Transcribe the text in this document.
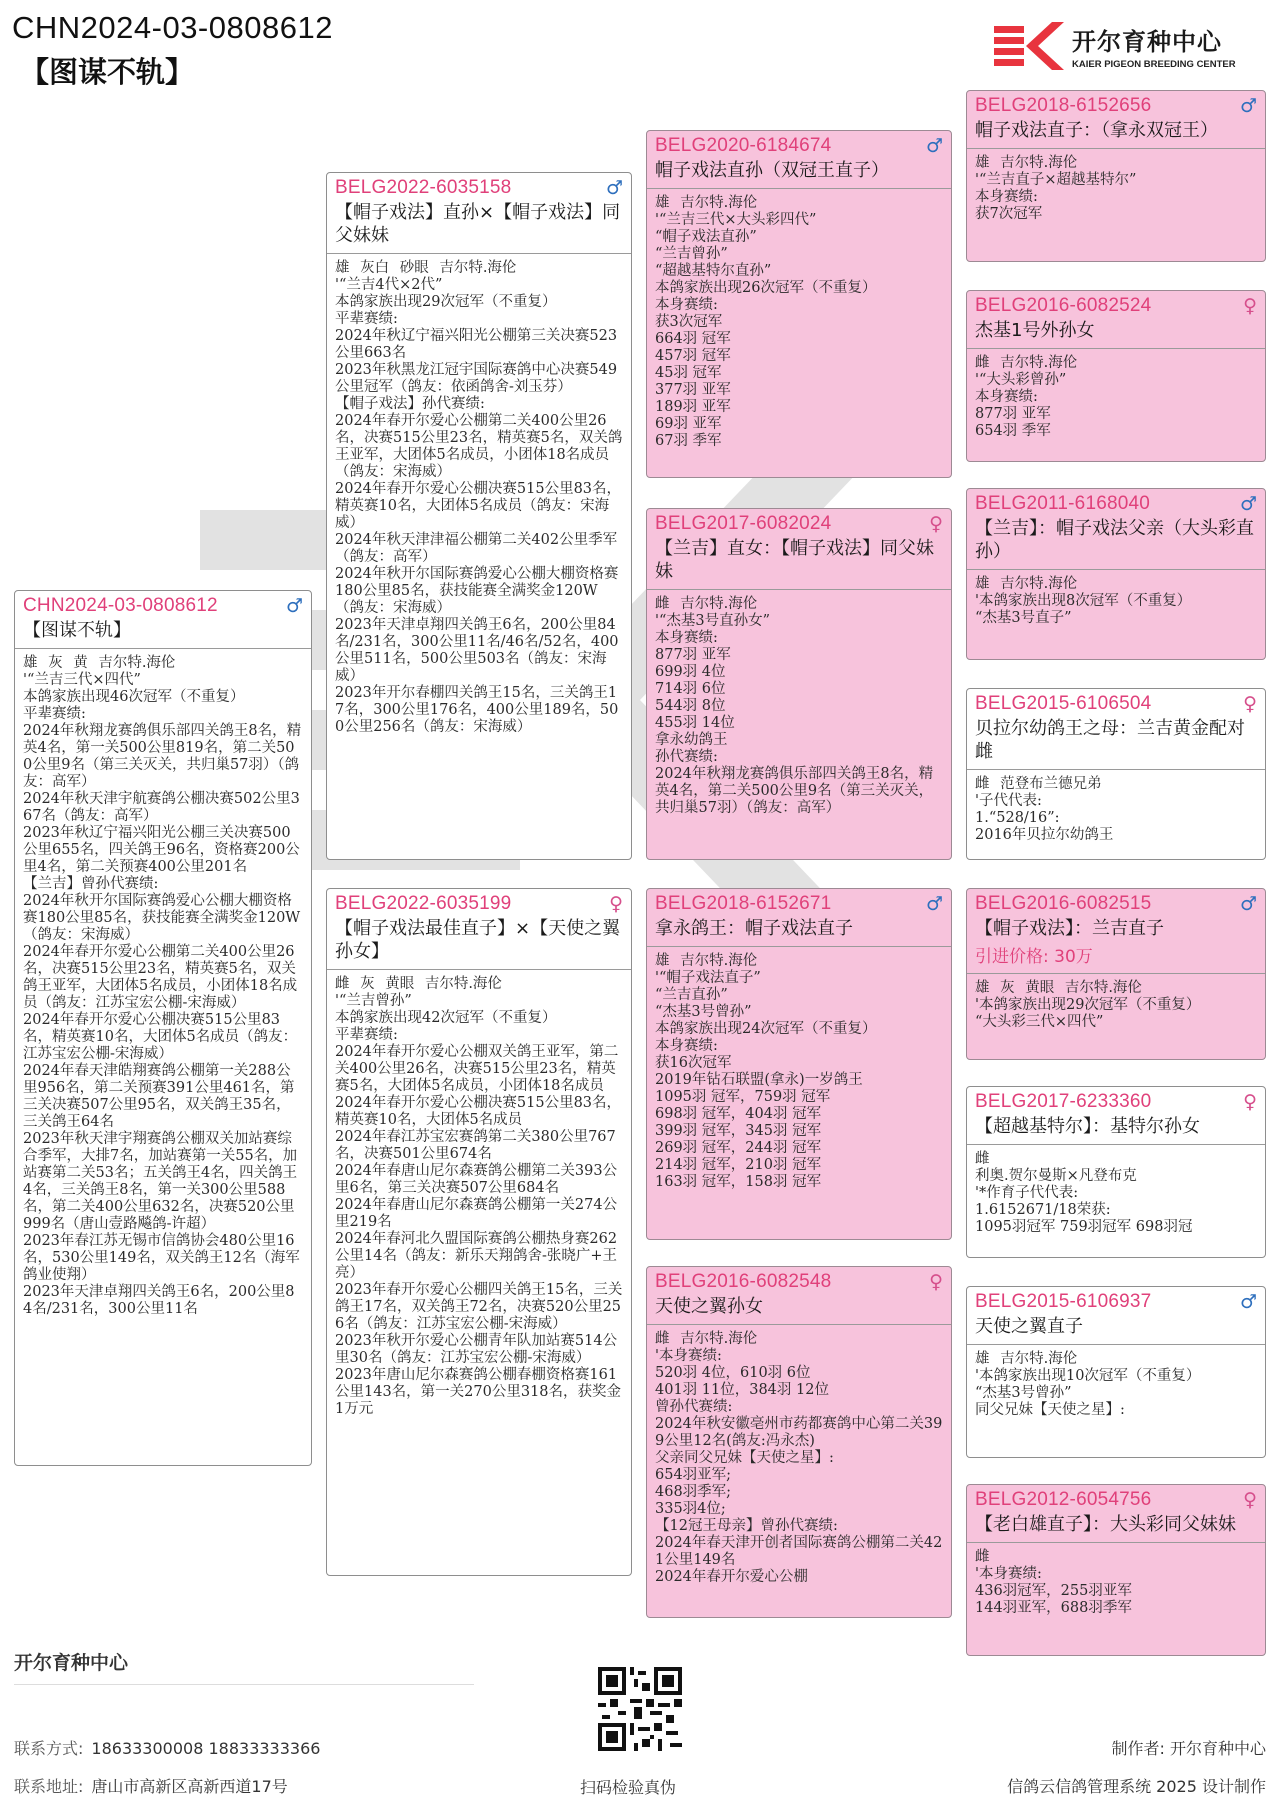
CHN2024-03-0808612
【图谋不轨】
开尔育种中心
KAIER PIGEON BREEDING CENTER
CHN2024-03-0808612	♂
【图谋不轨】
雄 灰 黄 吉尔特.海伦
'“兰吉三代×四代”
本鸽家族出现46次冠军（不重复）
平辈赛绩:
2024年秋翔龙赛鸽俱乐部四关鸽王8名，精英4名，第一关500公里819名，第二关500公里9名（第三关灭关，共归巢57羽）（鸽友：高军）
2024年秋天津宇航赛鸽公棚决赛502公里367名（鸽友：高军）
2023年秋辽宁福兴阳光公棚三关决赛500公里655名，四关鸽王96名，资格赛200公里4名，第二关预赛400公里201名
【兰吉】曾孙代赛绩:
2024年秋开尔国际赛鸽爱心公棚大棚资格赛180公里85名，获技能赛全满奖金120W（鸽友：宋海威）
2024年春开尔爱心公棚第二关400公里26名，决赛515公里23名，精英赛5名，双关鸽王亚军，大团体5名成员，小团体18名成员（鸽友：江苏宝宏公棚-宋海威）
2024年春开尔爱心公棚决赛515公里83名，精英赛10名，大团体5名成员（鸽友：江苏宝宏公棚-宋海威）
2024年春天津皓翔赛鸽公棚第一关288公里956名，第二关预赛391公里461名，第三关决赛507公里95名，双关鸽王35名，三关鸽王64名
2023年秋天津宇翔赛鸽公棚双关加站赛综合季军，大排7名，加站赛第一关55名，加站赛第二关53名；五关鸽王4名，四关鸽王4名，三关鸽王8名，第一关300公里588名，第二关400公里632名，决赛520公里999名（唐山壹路飚鸽-许超）
2023年春江苏无锡市信鸽协会480公里16名，530公里149名，双关鸽王12名（海军鸽业使翔）
2023年天津卓翔四关鸽王6名，200公里84名/231名，300公里11名
BELG2022-6035158	♂
【帽子戏法】直孙×【帽子戏法】同父妹妹
雄 灰白 砂眼 吉尔特.海伦
'“兰吉4代×2代”
本鸽家族出现29次冠军（不重复）
平辈赛绩:
2024年秋辽宁福兴阳光公棚第三关决赛523公里663名
2023年秋黑龙江冠宇国际赛鸽中心决赛549公里冠军（鸽友：依函鸽舍-刘玉芬）
【帽子戏法】孙代赛绩:
2024年春开尔爱心公棚第二关400公里26名，决赛515公里23名，精英赛5名，双关鸽王亚军，大团体5名成员，小团体18名成员（鸽友：宋海威）
2024年春开尔爱心公棚决赛515公里83名，精英赛10名，大团体5名成员（鸽友：宋海威）
2024年秋天津津福公棚第二关402公里季军（鸽友：高军）
2024年秋开尔国际赛鸽爱心公棚大棚资格赛180公里85名，获技能赛全满奖金120W（鸽友：宋海威）
2023年天津卓翔四关鸽王6名，200公里84名/231名，300公里11名/46名/52名，400公里511名，500公里503名（鸽友：宋海威）
2023年开尔春棚四关鸽王15名，三关鸽王17名，300公里176名，400公里189名，500公里256名（鸽友：宋海威）
BELG2022-6035199	♀
【帽子戏法最佳直子】×【天使之翼孙女】
雌 灰 黄眼 吉尔特.海伦
'“兰吉曾孙”
本鸽家族出现42次冠军（不重复）
平辈赛绩:
2024年春开尔爱心公棚双关鸽王亚军，第二关400公里26名，决赛515公里23名，精英赛5名，大团体5名成员，小团体18名成员
2024年春开尔爱心公棚决赛515公里83名，精英赛10名，大团体5名成员
2024年春江苏宝宏赛鸽第二关380公里767名，决赛501公里674名
2024年春唐山尼尔森赛鸽公棚第二关393公里6名，第三关决赛507公里684名
2024年春唐山尼尔森赛鸽公棚第一关274公里219名
2024年春河北久盟国际赛鸽公棚热身赛262公里14名（鸽友：新乐天翔鸽舍-张晓广+王亮）
2023年春开尔爱心公棚四关鸽王15名，三关鸽王17名，双关鸽王72名，决赛520公里256名（鸽友：江苏宝宏公棚-宋海威）
2023年秋开尔爱心公棚青年队加站赛514公里30名（鸽友：江苏宝宏公棚-宋海威）
2023年唐山尼尔森赛鸽公棚春棚资格赛161公里143名，第一关270公里318名，获奖金1万元
BELG2020-6184674	♂
帽子戏法直孙（双冠王直子）
雄 吉尔特.海伦
'“兰吉三代×大头彩四代”
“帽子戏法直孙”
“兰吉曾孙”
“超越基特尔直孙”
本鸽家族出现26次冠军（不重复）
本身赛绩:
获3次冠军
664羽 冠军
457羽 冠军
45羽 冠军
377羽 亚军
189羽 亚军
69羽 亚军
67羽 季军
BELG2017-6082024	♀
【兰吉】直女：【帽子戏法】同父妹妹
雌 吉尔特.海伦
'“杰基3号直孙女”
本身赛绩:
877羽 亚军
699羽 4位
714羽 6位
544羽 8位
455羽 14位
拿永幼鸽王
孙代赛绩:
2024年秋翔龙赛鸽俱乐部四关鸽王8名，精英4名，第二关500公里9名（第三关灭关，共归巢57羽）（鸽友：高军）
BELG2018-6152671	♂
拿永鸽王：帽子戏法直子
雄 吉尔特.海伦
'“帽子戏法直子”
“兰吉直孙”
“杰基3号曾孙”
本鸽家族出现24次冠军（不重复）
本身赛绩:
获16次冠军
2019年钻石联盟(拿永)一岁鸽王
1095羽 冠军，759羽 冠军
698羽 冠军，404羽 冠军
399羽 冠军，345羽 冠军
269羽 冠军，244羽 冠军
214羽 冠军，210羽 冠军
163羽 冠军，158羽 冠军
BELG2016-6082548	♀
天使之翼孙女
雌 吉尔特.海伦
'本身赛绩:
520羽 4位，610羽 6位
401羽 11位，384羽 12位
曾孙代赛绩:
2024年秋安徽亳州市药都赛鸽中心第二关399公里12名(鸽友:冯永杰)
父亲同父兄妹【天使之星】:
654羽亚军;
468羽季军;
335羽4位;
【12冠王母亲】曾孙代赛绩:
2024年春天津开创者国际赛鸽公棚第二关421公里149名
2024年春开尔爱心公棚
BELG2018-6152656	♂
帽子戏法直子：（拿永双冠王）
雄 吉尔特.海伦
'“兰吉直子×超越基特尔”
本身赛绩:
获7次冠军
BELG2016-6082524	♀
杰基1号外孙女
雌 吉尔特.海伦
'“大头彩曾孙”
本身赛绩:
877羽 亚军
654羽 季军
BELG2011-6168040	♂
【兰吉】：帽子戏法父亲（大头彩直孙）
雄 吉尔特.海伦
'本鸽家族出现8次冠军（不重复）
“杰基3号直子”
BELG2015-6106504	♀
贝拉尔幼鸽王之母：兰吉黄金配对雌
雌 范登布兰德兄弟
'子代代表:
1.“528/16”:
2016年贝拉尔幼鸽王
BELG2016-6082515	♂
【帽子戏法】：兰吉直子
引进价格: 30万
雄 灰 黄眼 吉尔特.海伦
'本鸽家族出现29次冠军（不重复）
“大头彩三代×四代”
BELG2017-6233360	♀
【超越基特尔】：基特尔孙女
雌
利奥.贺尔曼斯×凡登布克
'*作育子代代表:
1.6152671/18荣获:
1095羽冠军 759羽冠军 698羽冠
BELG2015-6106937	♂
天使之翼直子
雄 吉尔特.海伦
'本鸽家族出现10次冠军（不重复）
“杰基3号曾孙”
同父兄妹【天使之星】:
BELG2012-6054756	♀
【老白雄直子】：大头彩同父妹妹
雌
'本身赛绩:
436羽冠军，255羽亚军
144羽亚军，688羽季军
开尔育种中心
联系方式: 18633300008 18833333366
联系地址: 唐山市高新区高新西道17号	扫码检验真伪
制作者: 开尔育种中心
信鸽云信鸽管理系统 2025 设计制作
